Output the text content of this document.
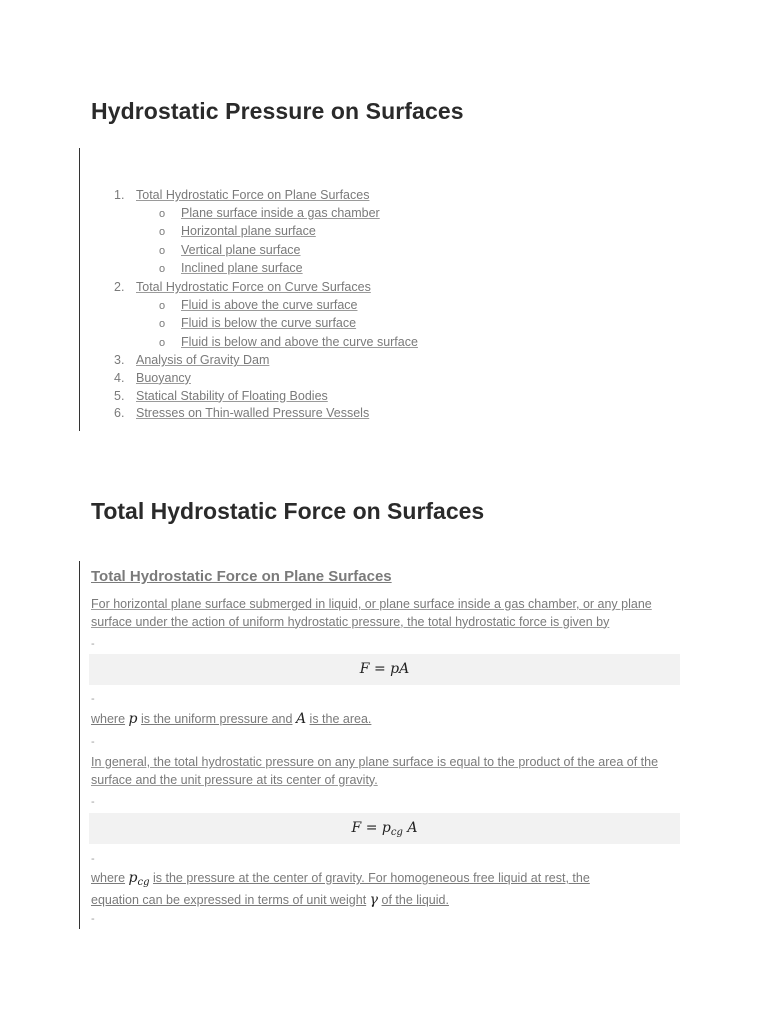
Hydrostatic Pressure on Surfaces
1. Total Hydrostatic Force on Plane Surfaces
o Plane surface inside a gas chamber
o Horizontal plane surface
o Vertical plane surface
o Inclined plane surface
2. Total Hydrostatic Force on Curve Surfaces
o Fluid is above the curve surface
o Fluid is below the curve surface
o Fluid is below and above the curve surface
3. Analysis of Gravity Dam
4. Buoyancy
5. Statical Stability of Floating Bodies
6. Stresses on Thin-walled Pressure Vessels
Total Hydrostatic Force on Surfaces
Total Hydrostatic Force on Plane Surfaces

For horizontal plane surface submerged in liquid, or plane surface inside a gas chamber, or any plane surface under the action of uniform hydrostatic pressure, the total hydrostatic force is given by

-
F = pA
-

where p is the uniform pressure and A is the area.

-

In general, the total hydrostatic pressure on any plane surface is equal to the product of the area of the surface and the unit pressure at its center of gravity.

-
$F = p_{cg}$ A
-

where $p_{cg}$ is the pressure at the center of gravity. For homogeneous free liquid at rest, the
equation can be expressed in terms of unit weight γ of the liquid.

-
